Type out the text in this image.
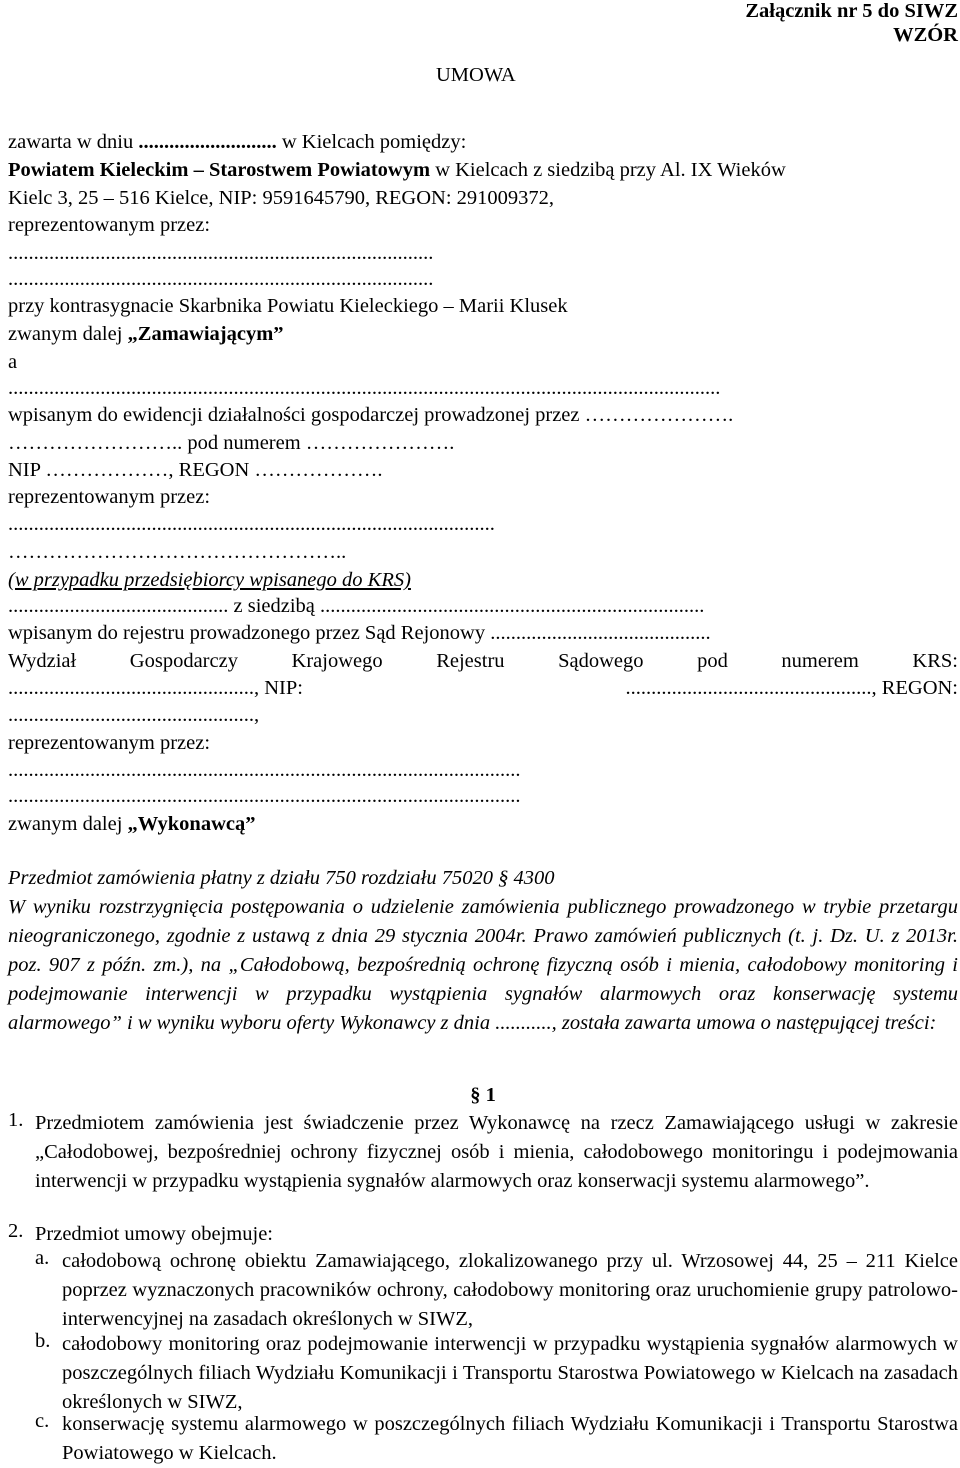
Załącznik nr 5 do SIWZ
WZÓR
UMOWA
zawarta w dniu ........................... w Kielcach pomiędzy:
Powiatem Kieleckim – Starostwem Powiatowym w Kielcach z siedzibą przy Al. IX Wieków
Kielc 3, 25 – 516 Kielce, NIP: 9591645790, REGON: 291009372,
reprezentowanym przez:
...................................................................................
...................................................................................
przy kontrasygnacie Skarbnika Powiatu Kieleckiego – Marii Klusek
zwanym dalej „Zamawiającym”
a
...........................................................................................................................................
wpisanym do ewidencji działalności gospodarczej prowadzonej przez ………………….
…………………….. pod numerem ………………….
NIP ………………, REGON ……………….
reprezentowanym przez:
...............................................................................................
…………………………………………..
(w przypadku przedsiębiorcy wpisanego do KRS)
........................................... z siedzibą ...........................................................................
wpisanym do rejestru prowadzonego przez Sąd Rejonowy ...........................................
Wydział	Gospodarczy	Krajowego	Rejestru	Sądowego	pod	numerem	KRS:
................................................, NIP:	................................................, REGON:
................................................,
reprezentowanym przez:
....................................................................................................
....................................................................................................
zwanym dalej „Wykonawcą”
Przedmiot zamówienia płatny z działu 750 rozdziału 75020 § 4300
W wyniku rozstrzygnięcia postępowania o udzielenie zamówienia publicznego prowadzonego w trybie przetargu nieograniczonego, zgodnie z ustawą z dnia 29 stycznia 2004r. Prawo zamówień publicznych (t. j. Dz. U. z 2013r. poz. 907 z późn. zm.), na „Całodobową, bezpośrednią ochronę fizyczną osób i mienia, całodobowy monitoring i podejmowanie interwencji w przypadku wystąpienia sygnałów alarmowych oraz konserwację systemu alarmowego” i w wyniku wyboru oferty Wykonawcy z dnia ..........., została zawarta umowa o następującej treści:
§ 1
1. Przedmiotem zamówienia jest świadczenie przez Wykonawcę na rzecz Zamawiającego usługi w zakresie „Całodobowej, bezpośredniej ochrony fizycznej osób i mienia, całodobowego monitoringu i podejmowania interwencji w przypadku wystąpienia sygnałów alarmowych oraz konserwacji systemu alarmowego”.
2. Przedmiot umowy obejmuje:
a. całodobową ochronę obiektu Zamawiającego, zlokalizowanego przy ul. Wrzosowej 44, 25 – 211 Kielce poprzez wyznaczonych pracowników ochrony, całodobowy monitoring oraz uruchomienie grupy patrolowo-interwencyjnej na zasadach określonych w SIWZ,
b. całodobowy monitoring oraz podejmowanie interwencji w przypadku wystąpienia sygnałów alarmowych w poszczególnych filiach Wydziału Komunikacji i Transportu Starostwa Powiatowego w Kielcach na zasadach określonych w SIWZ,
c. konserwację systemu alarmowego w poszczególnych filiach Wydziału Komunikacji i Transportu Starostwa Powiatowego w Kielcach.
